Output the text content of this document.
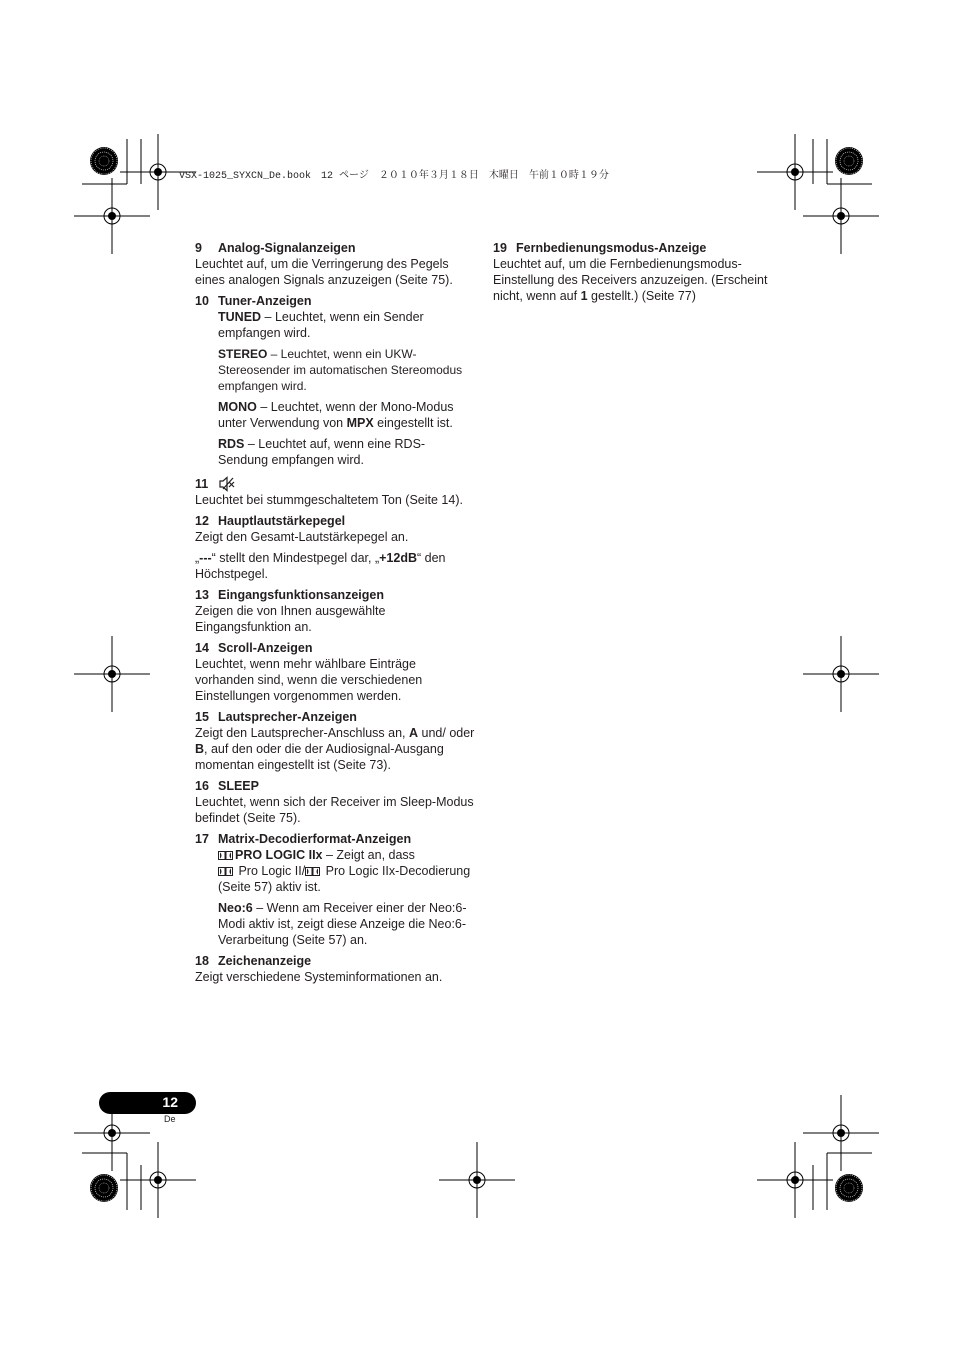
VSX-1025_SYXCN_De.book　12 ページ　２０１０年３月１８日　木曜日　午前１０時１９分
9	Analog-Signalanzeigen
Leuchtet auf, um die Verringerung des Pegels eines analogen Signals anzuzeigen (Seite 75).
10 Tuner-Anzeigen
TUNED – Leuchtet, wenn ein Sender empfangen wird.
STEREO – Leuchtet, wenn ein UKW-Stereosender im automatischen Stereomodus empfangen wird.
MONO – Leuchtet, wenn der Mono-Modus unter Verwendung von MPX eingestellt ist.
RDS – Leuchtet auf, wenn eine RDS-Sendung empfangen wird.
11
Leuchtet bei stummgeschaltetem Ton (Seite 14).
12 Hauptlautstärkepegel
Zeigt den Gesamt-Lautstärkepegel an.
„---“ stellt den Mindestpegel dar, „+12dB“ den Höchstpegel.
13 Eingangsfunktionsanzeigen
Zeigen die von Ihnen ausgewählte Eingangsfunktion an.
14 Scroll-Anzeigen
Leuchtet, wenn mehr wählbare Einträge vorhanden sind, wenn die verschiedenen Einstellungen vorgenommen werden.
15 Lautsprecher-Anzeigen
Zeigt den Lautsprecher-Anschluss an, A und/ oder B, auf den oder die der Audiosignal-Ausgang momentan eingestellt ist (Seite 73).
16 SLEEP
Leuchtet, wenn sich der Receiver im Sleep-Modus befindet (Seite 75).
17 Matrix-Decodierformat-Anzeigen
PRO LOGIC IIx – Zeigt an, dass
Pro Logic II/ Pro Logic IIx-Decodierung (Seite 57) aktiv ist.
Neo:6 – Wenn am Receiver einer der Neo:6-Modi aktiv ist, zeigt diese Anzeige die Neo:6-Verarbeitung (Seite 57) an.
18 Zeichenanzeige
Zeigt verschiedene Systeminformationen an.
19 Fernbedienungsmodus-Anzeige
Leuchtet auf, um die Fernbedienungsmodus-Einstellung des Receivers anzuzeigen. (Erscheint nicht, wenn auf 1 gestellt.) (Seite 77)
12
De
